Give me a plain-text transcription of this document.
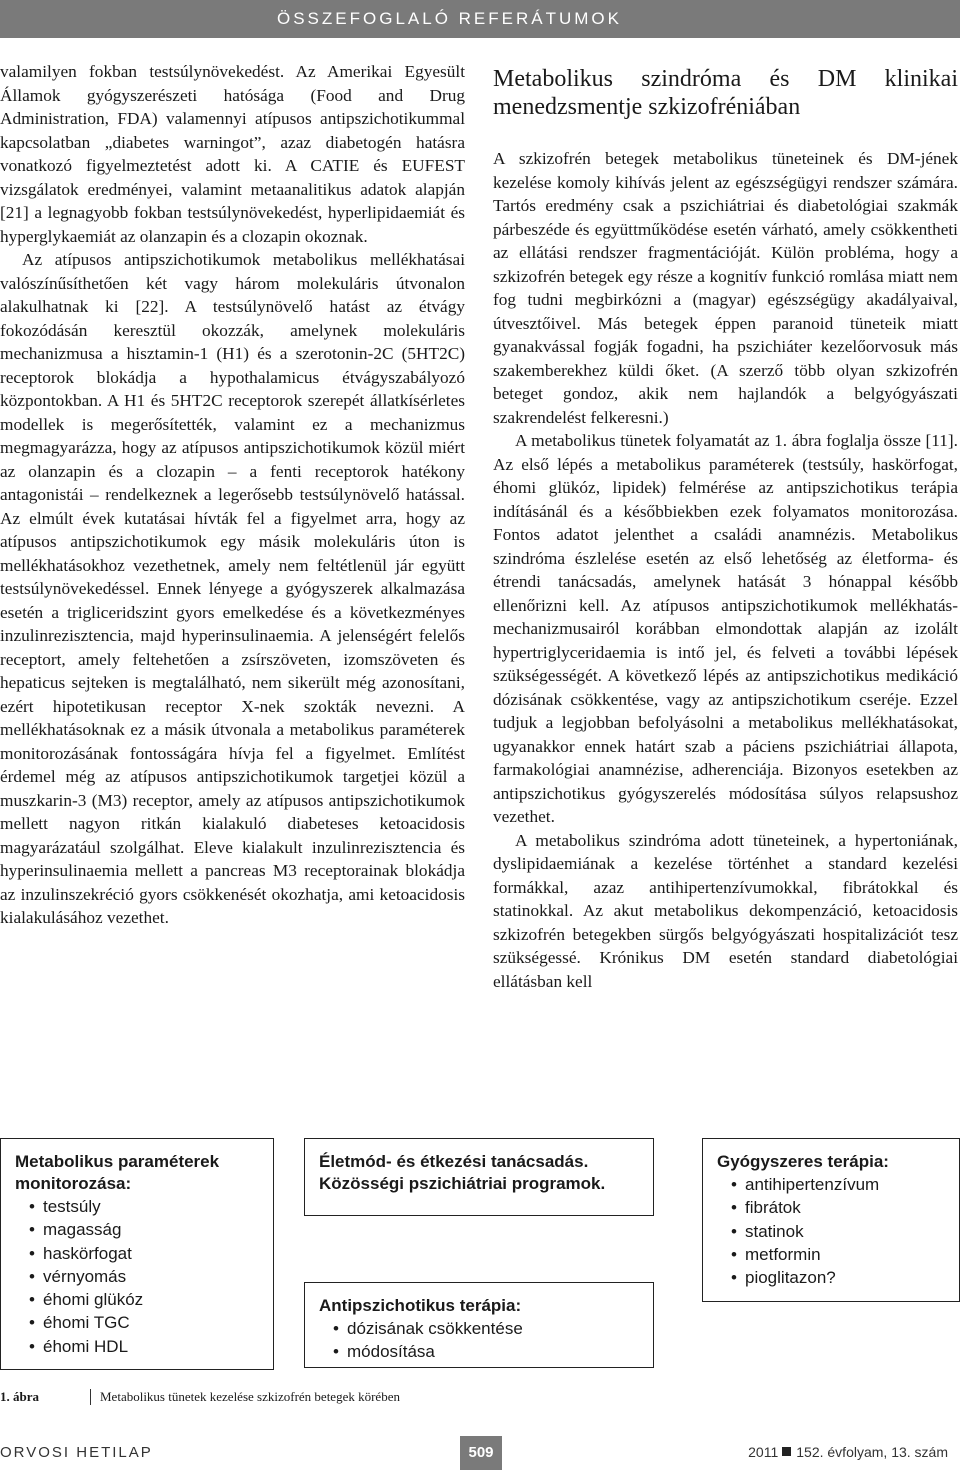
ÖSSZEFOGLALÓ REFERÁTUMOK

valamilyen fokban testsúlynövekedést. Az Amerikai Egyesült Államok gyógyszerészeti hatósága (Food and Drug Administration, FDA) valamennyi atípusos antipszichotikummal kapcsolatban „diabetes warningot”, azaz diabetogén hatásra vonatkozó figyelmeztetést adott ki. A CATIE és EUFEST vizsgálatok eredményei, valamint metaanalitikus adatok alapján [21] a legnagyobb fokban testsúlynövekedést, hyperlipidaemiát és hyperglykaemiát az olanzapin és a clozapin okoznak.

Az atípusos antipszichotikumok metabolikus mellékhatásai valószínűsíthetően két vagy három molekuláris útvonalon alakulhatnak ki [22]. A testsúlynövelő hatást az étvágy fokozódásán keresztül okozzák, amelynek molekuláris mechanizmusa a hisztamin-1 (H1) és a szerotonin-2C (5HT2C) receptorok blokádja a hypothalamicus étvágyszabályozó központokban. A H1 és 5HT2C receptorok szerepét állatkísérletes modellek is megerősítették, valamint ez a mechanizmus megmagyarázza, hogy az atípusos antipszichotikumok közül miért az olanzapin és a clozapin – a fenti receptorok hatékony antagonistái – rendelkeznek a legerősebb testsúlynövelő hatással. Az elmúlt évek kutatásai hívták fel a figyelmet arra, hogy az atípusos antipszichotikumok egy másik molekuláris úton is mellékhatásokhoz vezethetnek, amely nem feltétlenül jár együtt testsúlynövekedéssel. Ennek lényege a gyógyszerek alkalmazása esetén a trigliceridszint gyors emelkedése és a következményes inzulinrezisztencia, majd hyperinsulinaemia. A jelenségért felelős receptort, amely feltehetően a zsírszöveten, izomszöveten és hepaticus sejteken is megtalálható, nem sikerült még azonosítani, ezért hipotetikusan receptor X-nek szokták nevezni. A mellékhatásoknak ez a másik útvonala a metabolikus paraméterek monitorozásának fontosságára hívja fel a figyelmet. Említést érdemel még az atípusos antipszichotikumok targetjei közül a muszkarin-3 (M3) receptor, amely az atípusos antipszichotikumok mellett nagyon ritkán kialakuló diabeteses ketoacidosis magyarázatául szolgálhat. Eleve kialakult inzulinrezisztencia és hyperinsulinaemia mellett a pancreas M3 receptorainak blokádja az inzulinszekréció gyors csökkenését okozhatja, ami ketoacidosis kialakulásához vezethet.

Metabolikus szindróma és DM klinikai menedzsmentje szkizofréniában

A szkizofrén betegek metabolikus tüneteinek és DM-jének kezelése komoly kihívás jelent az egészségügyi rendszer számára. Tartós eredmény csak a pszichiátriai és diabetológiai szakmák párbeszéde és együttműködése esetén várható, amely csökkentheti az ellátási rendszer fragmentációját. Külön probléma, hogy a szkizofrén betegek egy része a kognitív funkció romlása miatt nem fog tudni megbirkózni a (magyar) egészségügy akadályaival, útvesztőivel. Más betegek éppen paranoid tüneteik miatt gyanakvással fogják fogadni, ha pszichiáter kezelőorvosuk más szakemberekhez küldi őket. (A szerző több olyan szkizofrén beteget gondoz, akik nem hajlandók a belgyógyászati szakrendelést felkeresni.)

A metabolikus tünetek folyamatát az 1. ábra foglalja össze [11]. Az első lépés a metabolikus paraméterek (testsúly, haskörfogat, éhomi glükóz, lipidek) felmérése az antipszichotikus terápia indításánál és a későbbiekben ezek folyamatos monitorozása. Fontos adatot jelenthet a családi anamnézis. Metabolikus szindróma észlelése esetén az első lehetőség az életforma- és étrendi tanácsadás, amelynek hatását 3 hónappal később ellenőrizni kell. Az atípusos antipszichotikumok mellékhatás-mechanizmusairól korábban elmondottak alapján az izolált hypertriglyceridaemia is intő jel, és felveti a további lépések szükségességét. A következő lépés az antipszichotikus medikáció dózisának csökkentése, vagy az antipszichotikum cseréje. Ezzel tudjuk a legjobban befolyásolni a metabolikus mellékhatásokat, ugyanakkor ennek határt szab a páciens pszichiátriai állapota, farmakológiai anamnézise, adherenciája. Bizonyos esetekben az antipszichotikus gyógyszerelés módosítása súlyos relapsushoz vezethet.

A metabolikus szindróma adott tüneteinek, a hypertoniának, dyslipidaemiának a kezelése történhet a standard kezelési formákkal, azaz antihipertenzívumokkal, fibrátokkal és statinokkal. Az akut metabolikus dekompenzáció, ketoacidosis szkizofrén betegekben sürgős belgyógyászati hospitalizációt tesz szükségessé. Krónikus DM esetén standard diabetológiai ellátásban kell

Metabolikus paraméterek monitorozása:
• testsúly
• magasság
• haskörfogat
• vérnyomás
• éhomi glükóz
• éhomi TGC
• éhomi HDL
Életmód- és étkezési tanácsadás. Közösségi pszichiátriai programok.
Antipszichotikus terápia:
• dózisának csökkentése
• módosítása
Gyógyszeres terápia:
• antihipertenzívum
• fibrátok
• statinok
• metformin
• pioglitazon?
1. ábra	Metabolikus tünetek kezelése szkizofrén betegek körében
ORVOSI HETILAP	509	2011 152. évfolyam, 13. szám
